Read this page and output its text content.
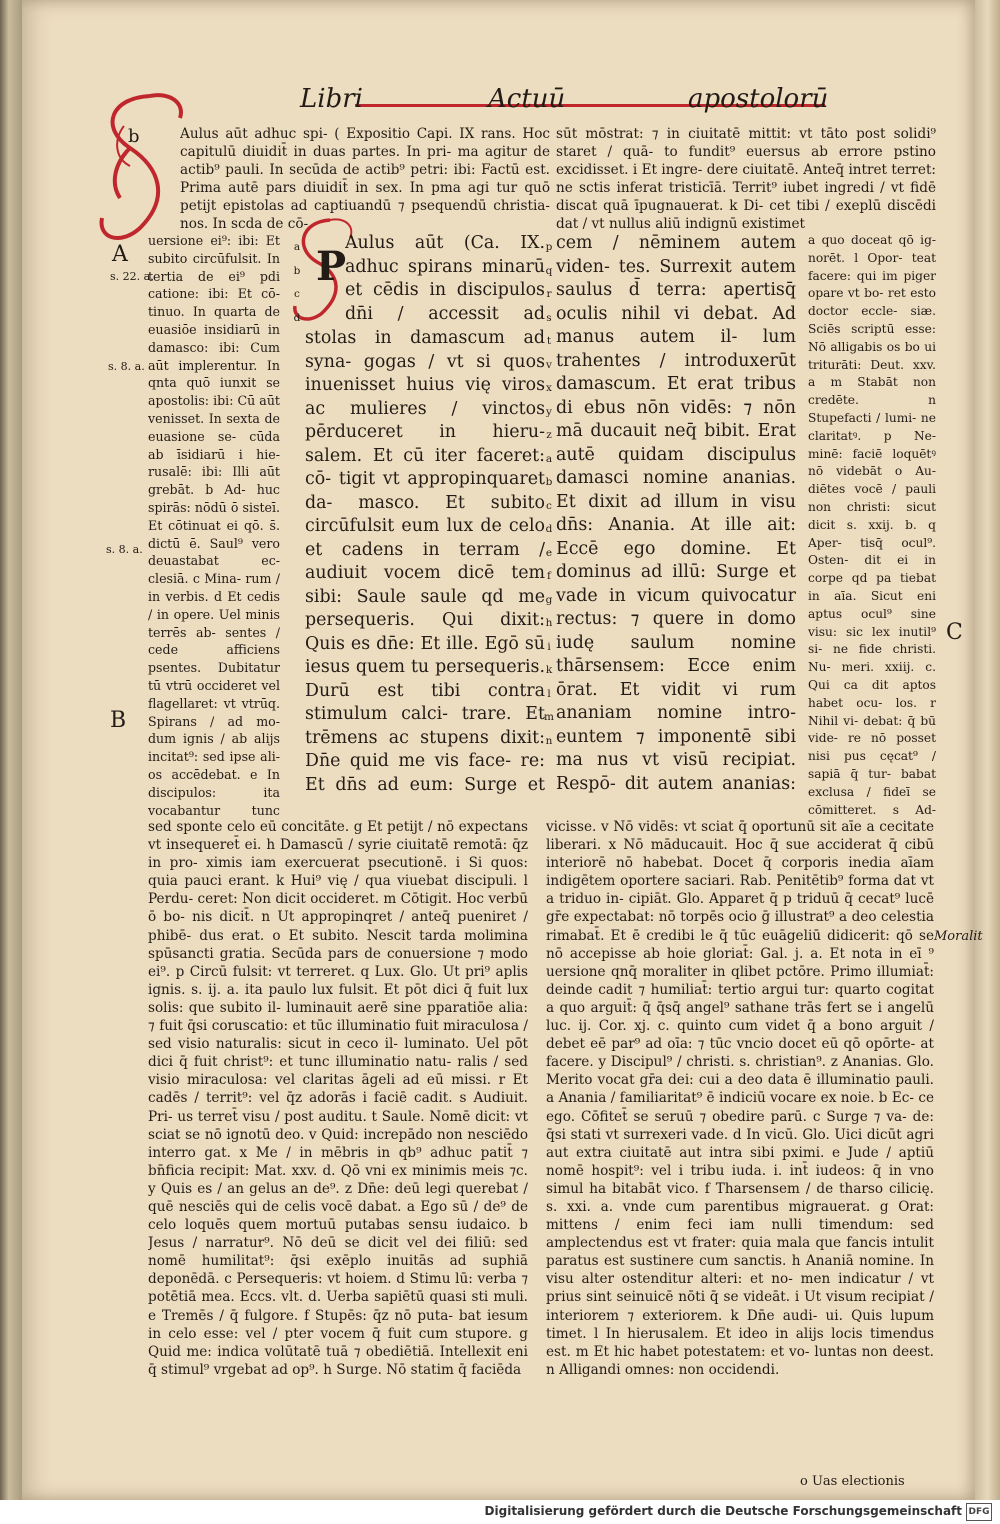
Libri	Actuū	apostolorū
P
Aulus aūt adhuc spi- ( Expositio Capi. IX rans. Hoc capitulū diuidit̄ in duas partes. In pri- ma agitur de actib⁹ pauli. In secūda de actib⁹ petri: ibi: Factū est. Prima autē pars diuidit̄ in sex. In pma agi tur quō petijt epistolas ad captiuandū ⁊ psequendū christia- nos. In scda de cō-
uersione ei⁹: ibi: Et subito circūfulsit. In tertia de ei⁹ pdi catione: ibi: Et cō- tinuo. In quarta de euasiōe insidiarū in damasco: ibi: Cum aūt implerentur. In qnta quō iunxit se apostolis: ibi: Cū aūt venisset. In sexta de euasione se- cūda ab īsidiarū i hie- rusalē: ibi: Illi aūt grebāt. b Ad- huc spirās: nōdū ō sisteī. Et cōtinuat ei qō. s̄. dictū ē. Saul⁹ vero deuastabat ec- clesiā. c Mina- rum / in verbis. d Et cedis / in opere. Uel minis terrēs ab- sentes / cede afficiens psentes. Dubitatur tū vtrū occideret vel flagellaret: vt vtrūq. Spirans / ad mo- dum ignis / ab alijs incitat⁹: sed ipse ali- os accēdebat. e In discipulos: ita vocabantur tunc
sūt mōstrat: ⁊ in ciuitatē mittit: vt tāto post solidi⁹ staret / quā- to fundit⁹ euersus ab errore pstino excidisset. i Et ingre- dere ciuitatē. Anteq̄ intret terret: ne sctis inferat tristicīā. Territ⁹ iubet ingredi / vt fidē discat quā īpugnauerat. k Di- cet tibi / exeplū discēdi dat / vt nullus aliū indignū existimet
a quo doceat qō ig- norēt. l Opor- teat facere: qui im piger opare vt bo- ret esto doctor eccle- siæ. Sciēs scriptū esse: Nō alligabis os bo ui triturāti: Deut. xxv. a m Stabāt non credēte. n Stupefacti / lumi- ne claritatꝰ. p Ne- minē: faciē loquētꝰ nō videbāt o Au- diētes vocē / pauli non christi: sicut dicit s. xxij. b. q Aper- tisq̄ ocul⁹. Osten- dit ei in corpe qd pa tiebat in aīa. Sicut eni aptus ocul⁹ sine visu: sic lex inutil⁹ si- ne fide christi. Nu- meri. xxiij. c. Qui ca dit aptos habet ocu- los. r Nihil vi- debat: q̄ bū vide- re nō posset nisi pus cęcat⁹ / sapiā q̄ tur- babat exclusa / fideī se cōmitteret. s Ad-
a
b
c
d
p
q
r
s
t
v
x
y
z
a
b
c
d
e
f
g
h
i
k
l
m
n
Aulus aūt (Ca. IX. adhuc spirans minarū et cēdis in discipulos dn̄i / accessit ad
stolas in damascum ad syna- gogas / vt si quos inuenisset huius vię viros ac mulieres / vinctos pērduceret in hieru- salem. Et cū iter faceret: cō- tigit vt appropinquaret da- masco. Et subito circūfulsit eum lux de celo et cadens in terram / audiuit vocem dicē tem sibi: Saule saule qd me persequeris. Qui dixit: Quis es dn̄e: Et ille. Egō sū iesus quem tu persequeris. Durū est tibi contra stimulum calci- trare. Et trēmens ac stupens dixit: Dn̄e quid me vis face- re: Et dn̄s ad eum: Surge et
cem / nēminem autem viden- tes. Surrexit autem saulus d̄ terra: apertisq̄ oculis nihil vi debat. Ad manus autem il- lum trahentes / introduxerūt damascum. Et erat tribus di ebus nōn vidēs: ⁊ nōn mā ducauit neq̄ bibit. Erat autē quidam discipulus damasci nomine ananias. Et dixit ad illum in visu dn̄s: Anania. At ille ait: Eccē ego domine. Et dominus ad illū: Surge et vade in vicum quivocatur rectus: ⁊ quere in domo iudę saulum nomine thārsensem: Ecce enim ōrat. Et vidit vi rum ananiam nomine intro- euntem ⁊ imponentē sibi ma nus vt visū recipiat. Respō- dit autem ananias:
sed sponte celo eū concitāte. g Et petijt / nō expectans vt insequeret̄ ei. h Damascū / syrie ciuitatē remotā: q̄z in pro- ximis iam exercuerat psecutionē. i Si quos: quia pauci erant. k Hui⁹ vię / qua viuebat discipuli. l Perdu- ceret: Non dicit occideret. m Cōtigit. Hoc verbū ō bo- nis dicit̄. n Ut appropinqret / anteq̄ pueniret / phibē- dus erat. o Et subito. Nescit tarda molimina spūsancti gratia. Secūda pars de conuersione ⁊ modo ei⁹. p Circū fulsit: vt terreret. q Lux. Glo. Ut pri⁹ aplis ignis. s. ij. a. ita paulo lux fulsit. Et pōt dici q̄ fuit lux solis: que subito il- luminauit aerē sine pparatiōe alia: ⁊ fuit q̄si coruscatio: et tūc illuminatio fuit miraculosa / sed visio naturalis: sicut in ceco il- luminato. Uel pōt dici q̄ fuit christ⁹: et tunc illuminatio natu- ralis / sed visio miraculosa: vel claritas āgeli ad eū missi. r Et cadēs / territ⁹: vel q̄z adorās i faciē cadit. s Audiuit. Pri- us terret̄ visu / post auditu. t Saule. Nomē dicit: vt sciat se nō ignotū deo. v Quid: increpādo non nesciēdo interro gat. x Me / in mēbris in qb⁹ adhuc patit̄ ⁊ bn̄ficia recipit: Mat. xxv. d. Qō vni ex minimis meis ⁊c. y Quis es / an gelus an de⁹. z Dn̄e: deū legi querebat / quē nesciēs qui de celis vocē dabat. a Ego sū / de⁹ de celo loquēs quem mortuū putabas sensu iudaico. b Jesus / narratur⁹. Nō deū se dicit vel dei filiū: sed nomē humilitat⁹: q̄si exēplo inuitās ad suphiā deponēdā. c Persequeris: vt hoiem. d Stimu lū: verba ⁊ potētiā mea. Eccs. vlt. d. Uerba sapiētū quasi sti muli. e Tremēs / q̄ fulgore. f Stupēs: q̄z nō puta- bat iesum in celo esse: vel / pter vocem q̄ fuit cum stupore. g Quid me: indica volūtatē tuā ⁊ obediētiā. Intellexit eni q̄ stimul⁹ vrgebat ad op⁹. h Surge. Nō statim q̄ faciēda
vicisse. v Nō vidēs: vt sciat q̄ oportunū sit aīe a cecitate liberari. x Nō māducauit. Hoc q̄ sue acciderat q̄ cibū interiorē nō habebat. Docet q̄ corporis inedia aīam indigētem oportere saciari. Rab. Penitētib⁹ forma dat vt a triduo in- cipiāt. Glo. Apparet q̄ p triduū q̄ cecat⁹ lucē gr̄e expectabat: nō torpēs ocio ḡ illustrat⁹ a deo celestia rimabat̄. Et ē credibi le q̄ tūc euāgeliū didicerit: qō se nō accepisse ab hoie gloriat̄: Gal. j. a. Et nota in eī ⁹ uersione qnq̄ moraliter in qlibet pctōre. Primo illumiat̄: deinde cadit ⁊ humiliat̄: tertio argui tur: quarto cogitat a quo arguit̄: q̄ q̄sq̄ angel⁹ sathane trās fert se i angelū luc. ij. Cor. xj. c. quinto cum videt q̄ a bono arguit / debet eē par⁹ ad oīa: ⁊ tūc vncio docet eū qō opōrte- at facere. y Discipul⁹ / christi. s. christian⁹. z Ananias. Glo. Merito vocat gr̄a dei: cui a deo data ē illuminatio pauli. a Anania / familiaritat⁹ ē indiciū vocare ex noie. b Ec- ce ego. Cōfitet̄ se seruū ⁊ obedire parū. c Surge ⁊ va- de: q̄si stati vt surrexeri vade. d In vicū. Glo. Uici dicūt agri aut extra ciuitatē aut intra sibi pximi. e Jude / aptiū nomē hospit⁹: vel i tribu iuda. i. int̄ iudeos: q̄ in vno simul ha bitabāt vico. f Tharsensem / de tharso cilicię. s. xxi. a. vnde cum parentibus migrauerat. g Orat: mittens / enim feci iam nulli timendum: sed amplectendus est vt frater: quia mala que fancis intulit paratus est sustinere cum sanctis. h Ananiā nomine. In visu alter ostenditur alteri: et no- men indicatur / vt prius sint seinuicē nōti q̄ se videāt. i Ut visum recipiat / interiorem ⁊ exteriorem. k Dn̄e audi- ui. Quis lupum timet. l In hierusalem. Et ideo in alijs locis timendus est. m Et hic habet potestatem: et vo- luntas non deest. n Alligandi omnes: non occidendi.
o Uas electionis
A
s. 22. a.
s. 8. a.
s. 8. a.
B
C
Moralit
b
Digitalisierung gefördert durch die Deutsche Forschungsgemeinschaft DFG
